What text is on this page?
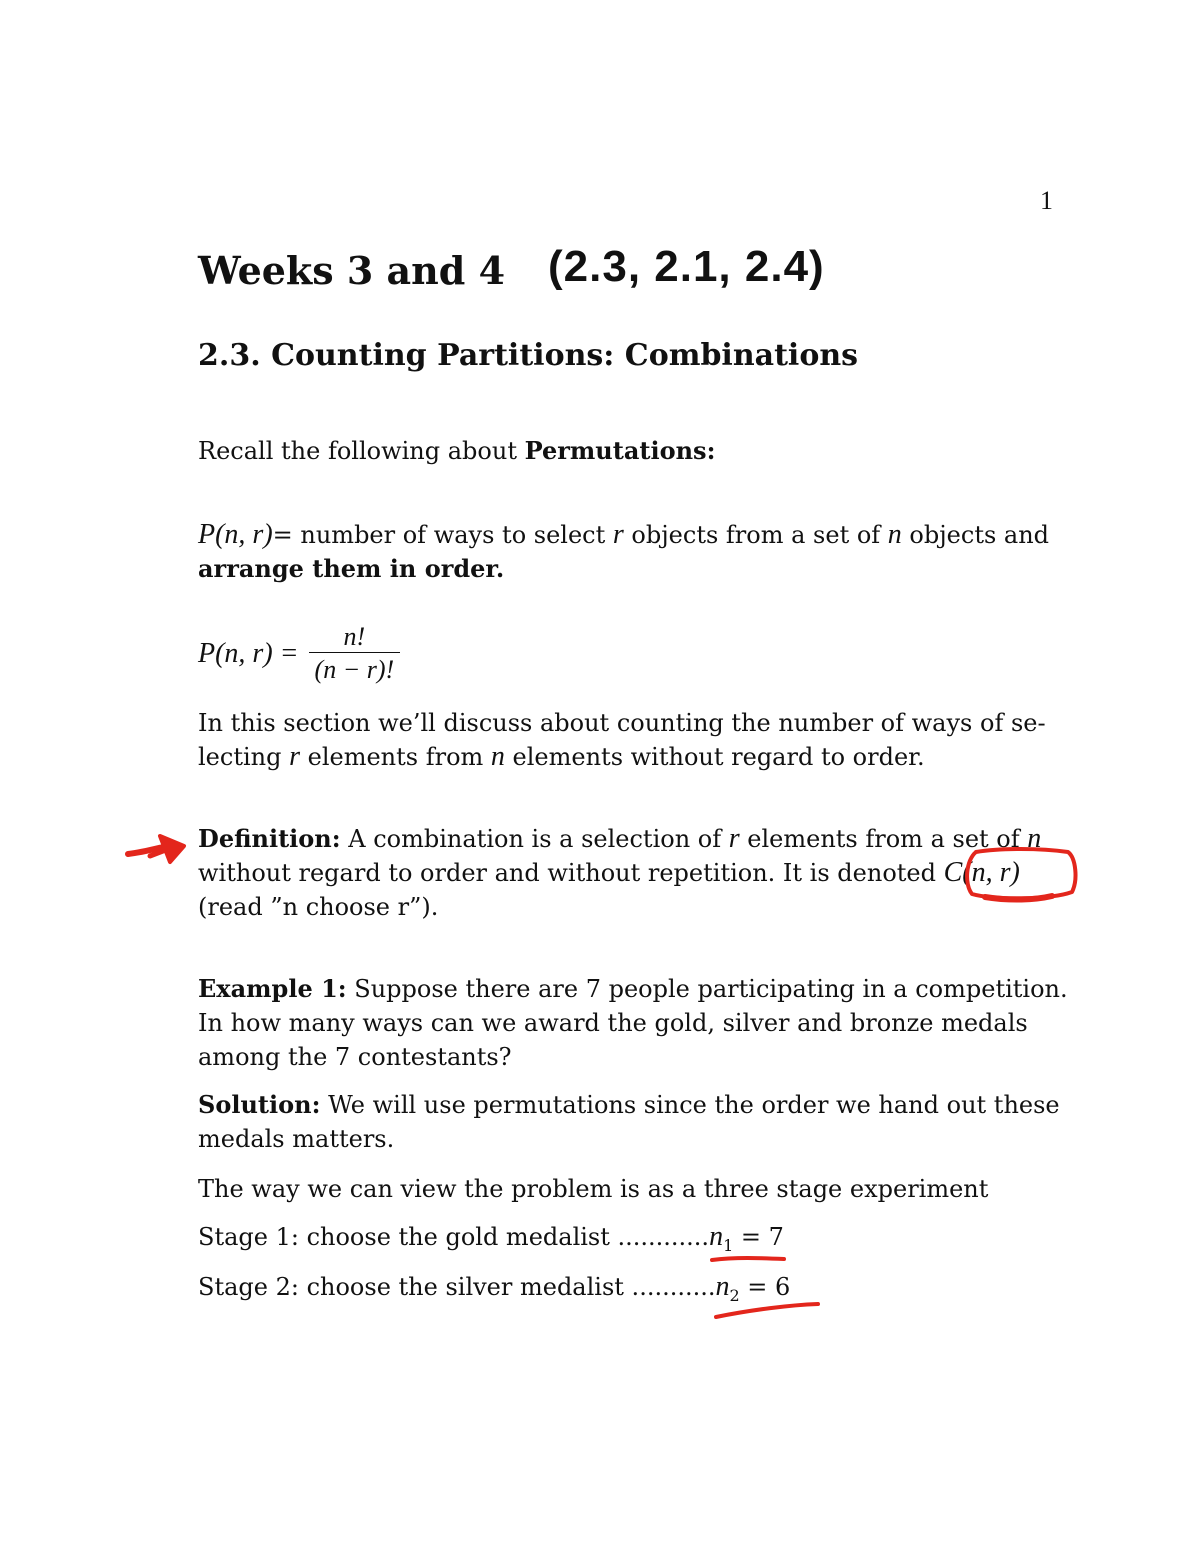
1
Weeks 3 and 4 (2.3, 2.1, 2.4)
2.3. Counting Partitions: Combinations
Recall the following about Permutations:
P(n, r)= number of ways to select r objects from a set of n objects and
arrange them in order.
P(n, $r) = \frac{n!}{(n - r)!}$
In this section we’ll discuss about counting the number of ways of se-
lecting r elements from n elements without regard to order.
Definition: A combination is a selection of r elements from a set of n
without regard to order and without repetition. It is denoted C(n, r)
(read ”n choose r”).
Example 1: Suppose there are 7 people participating in a competition.
In how many ways can we award the gold, silver and bronze medals
among the 7 contestants?
Solution: We will use permutations since the order we hand out these
medals matters.
The way we can view the problem is as a three stage experiment
Stage 1: choose the gold medalist $............n_1 = 7$
Stage 2: choose the silver medalist $...........n_2 = 6$
